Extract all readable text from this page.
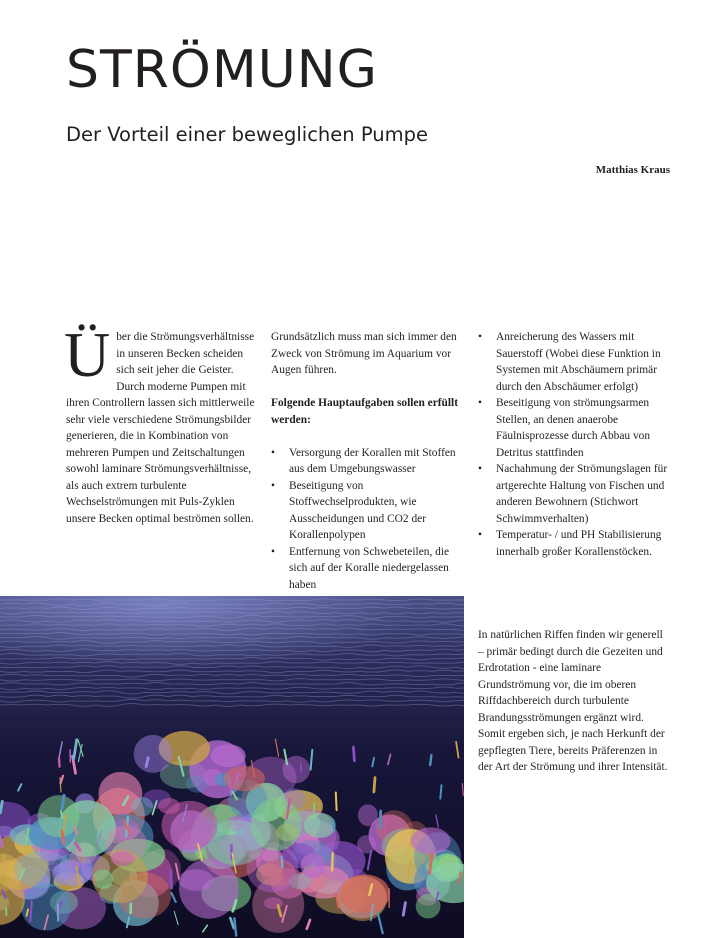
STRÖMUNG
Der Vorteil einer beweglichen Pumpe
Matthias Kraus
Über die Strömungsverhältnisse in unseren Becken scheiden sich seit jeher die Geister. Durch moderne Pumpen mit ihren Controllern lassen sich mittlerweile sehr viele verschiedene Strömungsbilder generieren, die in Kombination von mehreren Pumpen und Zeitschaltungen sowohl laminare Strömungsverhältnisse, als auch extrem turbulente Wechselströmungen mit Puls-Zyklen unsere Becken optimal beströmen sollen.

Grundsätzlich muss man sich immer den Zweck von Strömung im Aquarium vor Augen führen.

Folgende Hauptaufgaben sollen erfüllt werden:

• Versorgung der Korallen mit Stoffen aus dem Umgebungswasser
• Beseitigung von Stoffwechselprodukten, wie Ausscheidungen und CO2 der Korallenpolypen
• Entfernung von Schwebeteilen, die sich auf der Koralle niedergelassen haben
• Anreicherung des Wassers mit Sauerstoff (Wobei diese Funktion in Systemen mit Abschäumern primär durch den Abschäumer erfolgt)
• Beseitigung von strömungsarmen Stellen, an denen anaerobe Fäulnisprozesse durch Abbau von Detritus stattfinden
• Nachahmung der Strömungslagen für artgerechte Haltung von Fischen und anderen Bewohnern (Stichwort Schwimmverhalten)
• Temperatur- / und PH Stabilisierung innerhalb großer Korallenstöcken.

In natürlichen Riffen finden wir generell – primär bedingt durch die Gezeiten und Erdrotation - eine laminare Grundströmung vor, die im oberen Riffdachbereich durch turbulente Brandungsströmungen ergänzt wird. Somit ergeben sich, je nach Herkunft der gepflegten Tiere, bereits Präferenzen in der Art der Strömung und ihrer Intensität.
